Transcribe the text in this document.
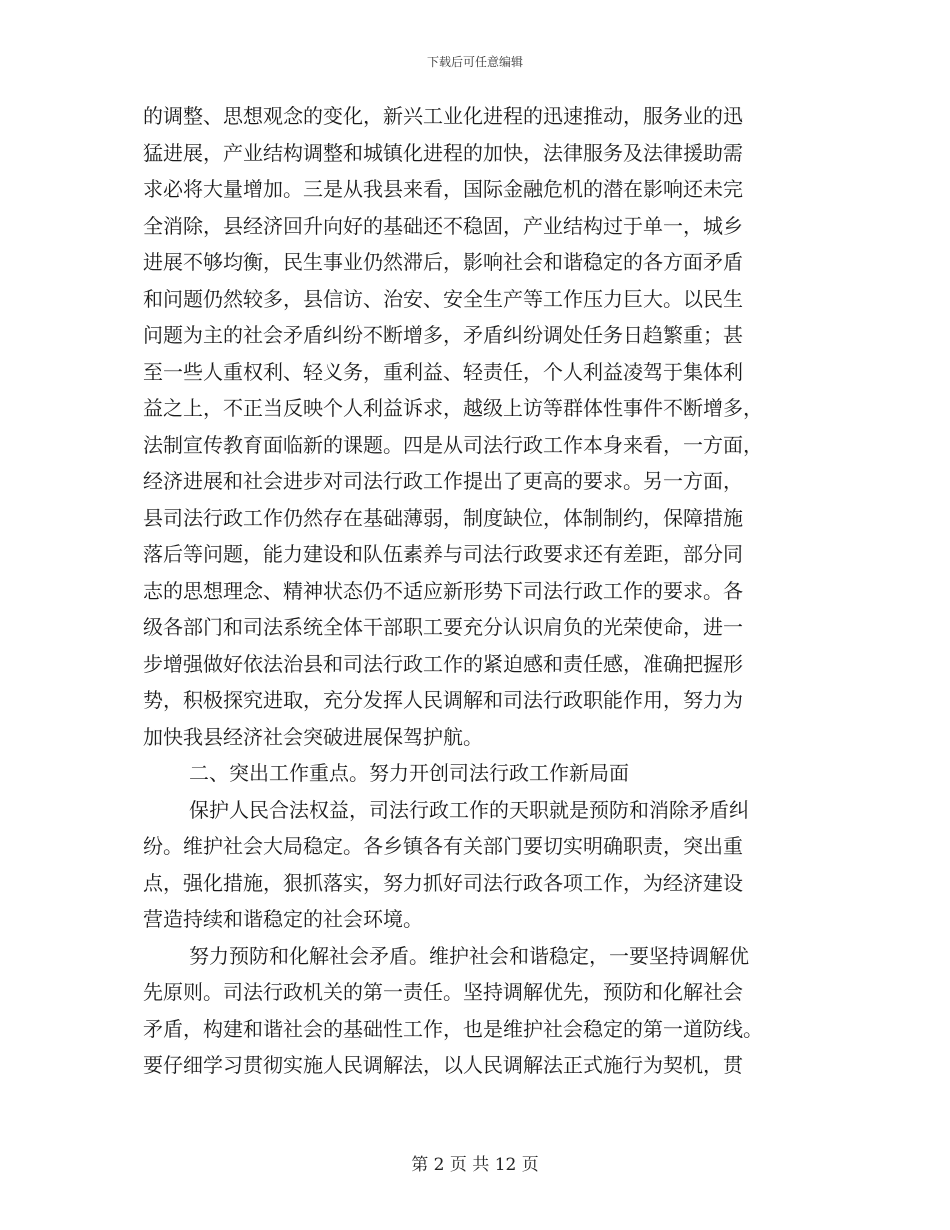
下载后可任意编辑
的调整、思想观念的变化，新兴工业化进程的迅速推动，服务业的迅
猛进展，产业结构调整和城镇化进程的加快，法律服务及法律援助需
求必将大量增加。三是从我县来看，国际金融危机的潜在影响还未完
全消除，县经济回升向好的基础还不稳固，产业结构过于单一，城乡
进展不够均衡，民生事业仍然滞后，影响社会和谐稳定的各方面矛盾
和问题仍然较多，县信访、治安、安全生产等工作压力巨大。以民生
问题为主的社会矛盾纠纷不断增多，矛盾纠纷调处任务日趋繁重；甚
至一些人重权利、轻义务，重利益、轻责任，个人利益凌驾于集体利
益之上，不正当反映个人利益诉求，越级上访等群体性事件不断增多，
法制宣传教育面临新的课题。四是从司法行政工作本身来看，一方面，
经济进展和社会进步对司法行政工作提出了更高的要求。另一方面，
县司法行政工作仍然存在基础薄弱，制度缺位，体制制约，保障措施
落后等问题，能力建设和队伍素养与司法行政要求还有差距，部分同
志的思想理念、精神状态仍不适应新形势下司法行政工作的要求。各
级各部门和司法系统全体干部职工要充分认识肩负的光荣使命，进一
步增强做好依法治县和司法行政工作的紧迫感和责任感，准确把握形
势，积极探究进取，充分发挥人民调解和司法行政职能作用，努力为
加快我县经济社会突破进展保驾护航。
二、突出工作重点。努力开创司法行政工作新局面
保护人民合法权益，司法行政工作的天职就是预防和消除矛盾纠
纷。维护社会大局稳定。各乡镇各有关部门要切实明确职责，突出重
点，强化措施，狠抓落实，努力抓好司法行政各项工作，为经济建设
营造持续和谐稳定的社会环境。
努力预防和化解社会矛盾。维护社会和谐稳定，一要坚持调解优
先原则。司法行政机关的第一责任。坚持调解优先，预防和化解社会
矛盾，构建和谐社会的基础性工作，也是维护社会稳定的第一道防线。
要仔细学习贯彻实施人民调解法，以人民调解法正式施行为契机，贯
第 2 页 共 12 页
